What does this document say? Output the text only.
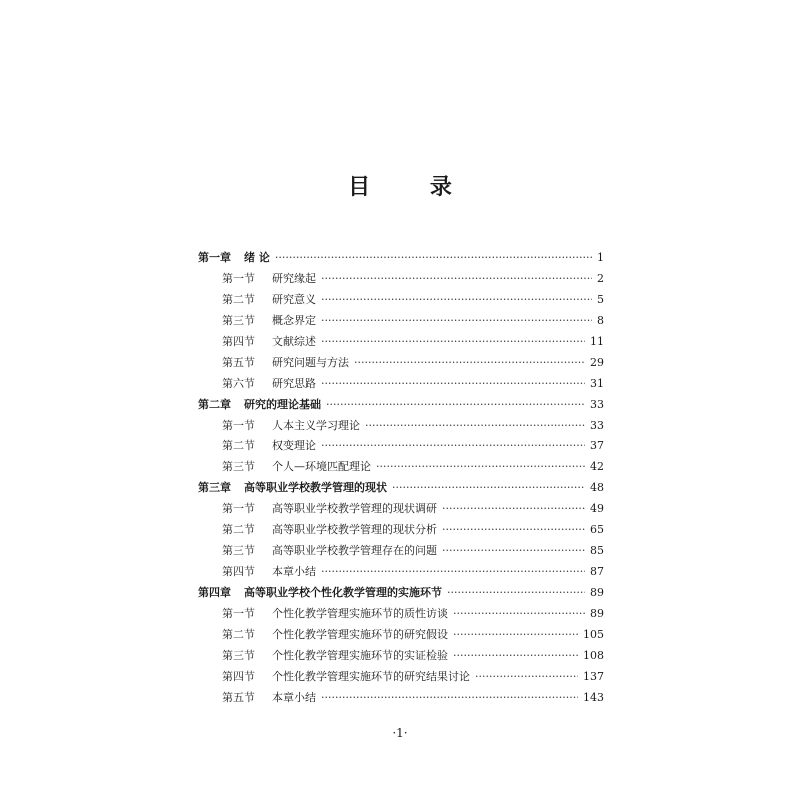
目 录
第一章	绪 论 ·····	1
第一节	研究缘起 ·····	2
第二节	研究意义 ·····	5
第三节	概念界定 ·····	8
第四节	文献综述 ·····	11
第五节	研究问题与方法 ·····	29
第六节	研究思路 ·····	31
第二章	研究的理论基础 ·····	33
第一节	人本主义学习理论 ·····	33
第二节	权变理论 ·····	37
第三节	个人—环境匹配理论 ·····	42
第三章	高等职业学校教学管理的现状 ·····	48
第一节	高等职业学校教学管理的现状调研 ·····	49
第二节	高等职业学校教学管理的现状分析 ·····	65
第三节	高等职业学校教学管理存在的问题 ·····	85
第四节	本章小结 ·····	87
第四章	高等职业学校个性化教学管理的实施环节 ·····	89
第一节	个性化教学管理实施环节的质性访谈 ·····	89
第二节	个性化教学管理实施环节的研究假设 ·····	105
第三节	个性化教学管理实施环节的实证检验 ·····	108
第四节	个性化教学管理实施环节的研究结果讨论 ·····	137
第五节	本章小结 ·····	143
·1·
